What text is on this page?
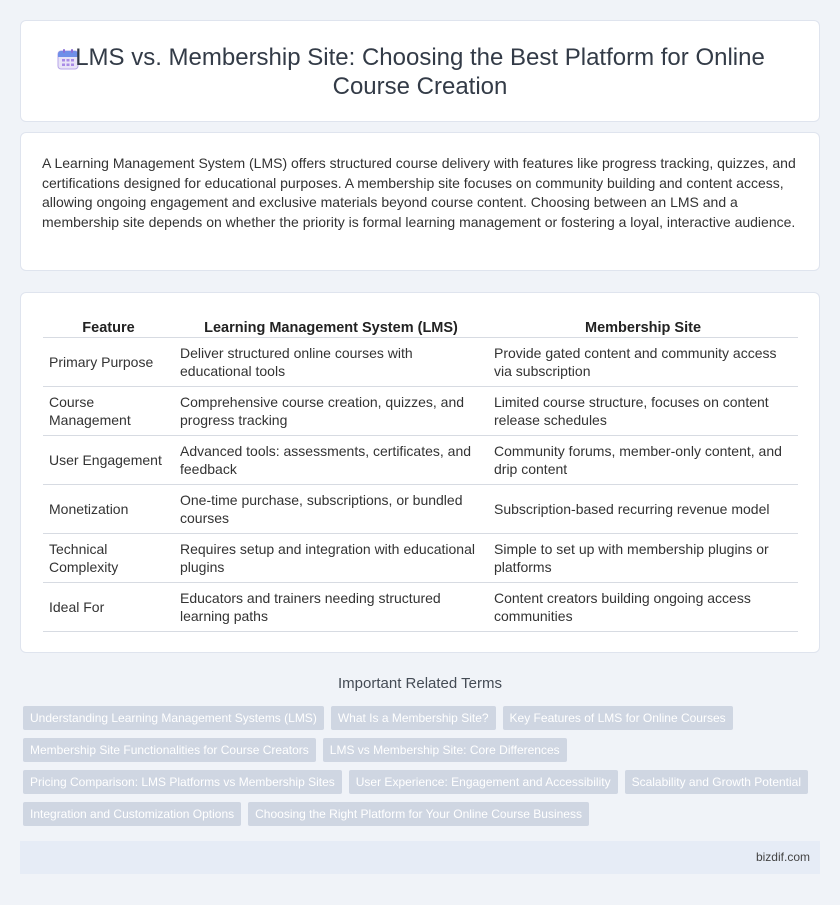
LMS vs. Membership Site: Choosing the Best Platform for Online Course Creation

A Learning Management System (LMS) offers structured course delivery with features like progress tracking, quizzes, and certifications designed for educational purposes. A membership site focuses on community building and content access, allowing ongoing engagement and exclusive materials beyond course content. Choosing between an LMS and a membership site depends on whether the priority is formal learning management or fostering a loyal, interactive audience.

Feature	Learning Management System (LMS)	Membership Site
Primary Purpose	Deliver structured online courses with educational tools	Provide gated content and community access via subscription
Course Management	Comprehensive course creation, quizzes, and progress tracking	Limited course structure, focuses on content release schedules
User Engagement	Advanced tools: assessments, certificates, and feedback	Community forums, member-only content, and drip content
Monetization	One-time purchase, subscriptions, or bundled courses	Subscription-based recurring revenue model
Technical Complexity	Requires setup and integration with educational plugins	Simple to set up with membership plugins or platforms
Ideal For	Educators and trainers needing structured learning paths	Content creators building ongoing access communities
Important Related Terms
Understanding Learning Management Systems (LMS)	What Is a Membership Site?	Key Features of LMS for Online Courses
Membership Site Functionalities for Course Creators	LMS vs Membership Site: Core Differences
Pricing Comparison: LMS Platforms vs Membership Sites	User Experience: Engagement and Accessibility	Scalability and Growth Potential
Integration and Customization Options	Choosing the Right Platform for Your Online Course Business
bizdif.com
